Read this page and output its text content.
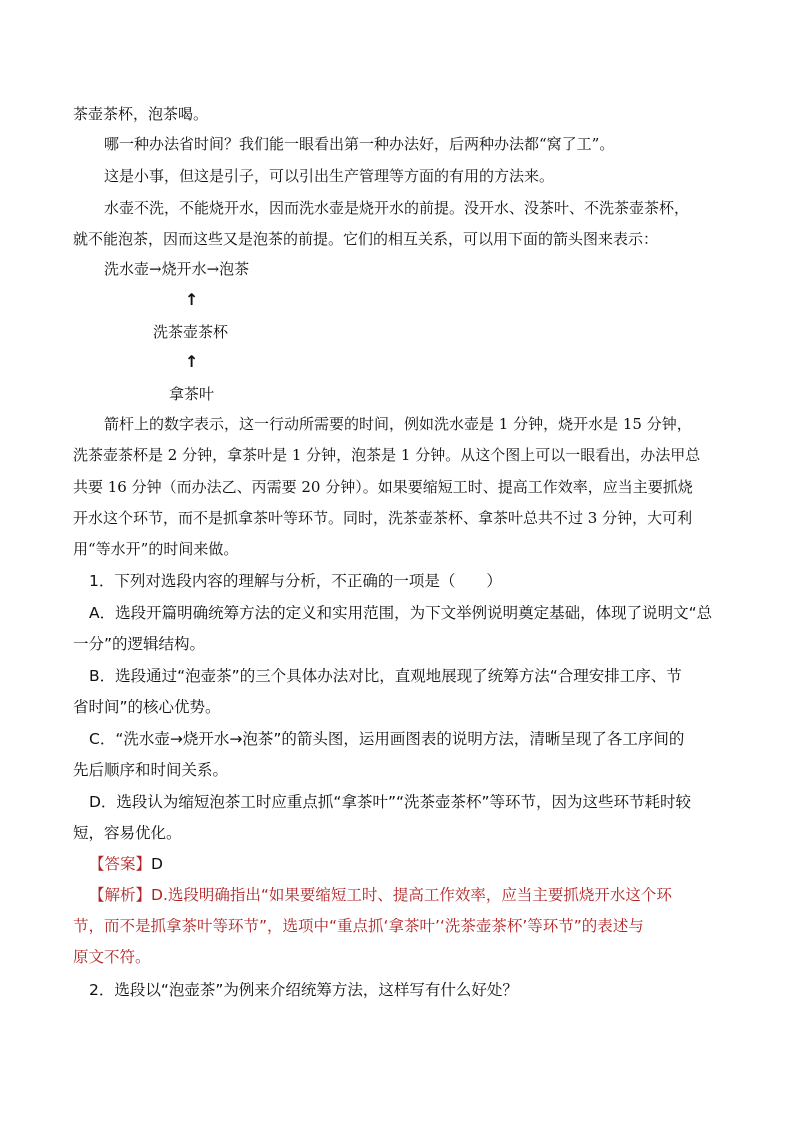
茶壶茶杯，泡茶喝。
哪一种办法省时间？我们能一眼看出第一种办法好，后两种办法都“窝了工”。
这是小事，但这是引子，可以引出生产管理等方面的有用的方法来。
水壶不洗，不能烧开水，因而洗水壶是烧开水的前提。没开水、没茶叶、不洗茶壶茶杯，
就不能泡茶，因而这些又是泡茶的前提。它们的相互关系，可以用下面的箭头图来表示：
洗水壶→烧开水→泡茶
↑
洗茶壶茶杯
↑
拿茶叶
箭杆上的数字表示，这一行动所需要的时间，例如洗水壶是 1 分钟，烧开水是 15 分钟，
洗茶壶茶杯是 2 分钟，拿茶叶是 1 分钟，泡茶是 1 分钟。从这个图上可以一眼看出，办法甲总
共要 16 分钟（而办法乙、丙需要 20 分钟）。如果要缩短工时、提高工作效率，应当主要抓烧
开水这个环节，而不是抓拿茶叶等环节。同时，洗茶壶茶杯、拿茶叶总共不过 3 分钟，大可利
用“等水开”的时间来做。
1．下列对选段内容的理解与分析，不正确的一项是（　　）
A．选段开篇明确统筹方法的定义和实用范围，为下文举例说明奠定基础，体现了说明文“总
一分”的逻辑结构。
B．选段通过“泡壶茶”的三个具体办法对比，直观地展现了统筹方法“合理安排工序、节
省时间”的核心优势。
C．“洗水壶→烧开水→泡茶”的箭头图，运用画图表的说明方法，清晰呈现了各工序间的
先后顺序和时间关系。
D．选段认为缩短泡茶工时应重点抓“拿茶叶”“洗茶壶茶杯”等环节，因为这些环节耗时较
短，容易优化。
【答案】D
【解析】D.选段明确指出“如果要缩短工时、提高工作效率，应当主要抓烧开水这个环
节，而不是抓拿茶叶等环节”，选项中“重点抓‘拿茶叶’‘洗茶壶茶杯’等环节”的表述与
原文不符。
2．选段以“泡壶茶”为例来介绍统筹方法，这样写有什么好处？
